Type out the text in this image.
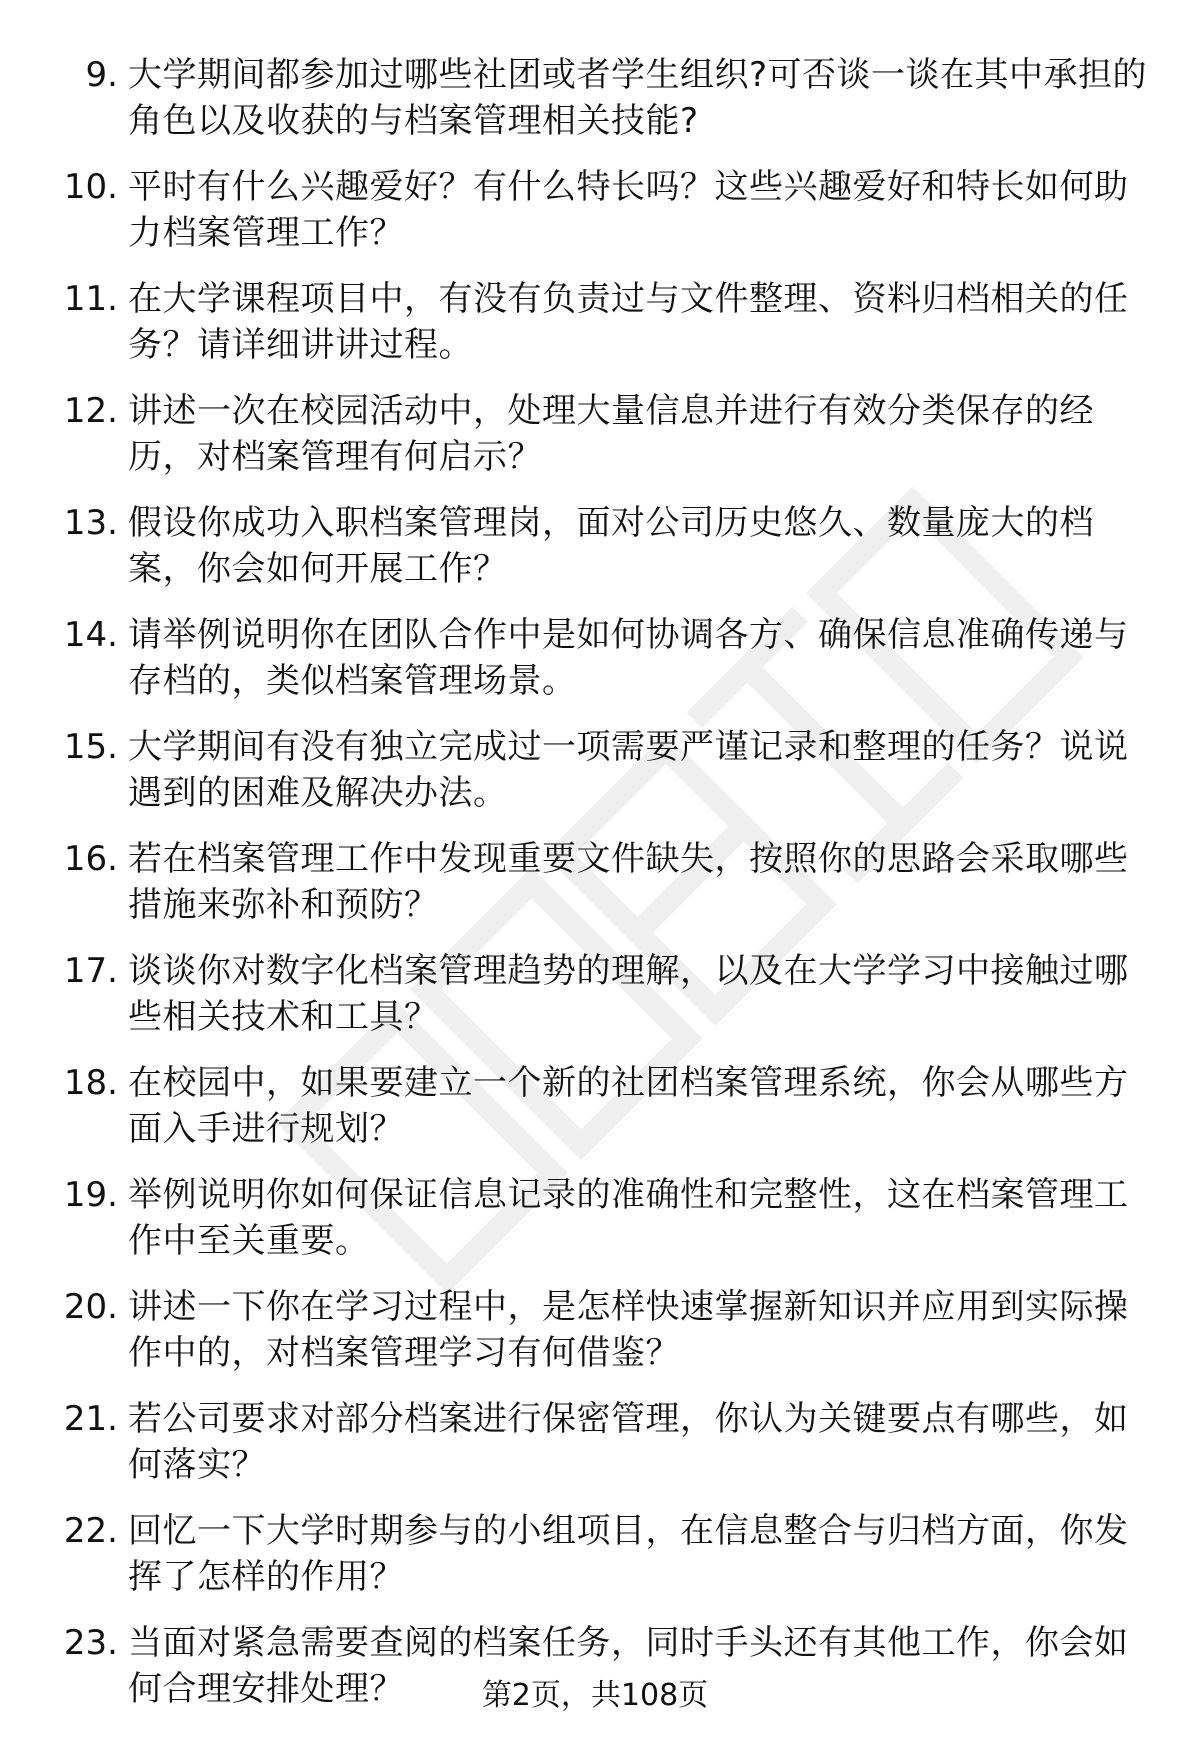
9. 大学期间都参加过哪些社团或者学生组织?可否谈一谈在其中承担的角色以及收获的与档案管理相关技能?
10. 平时有什么兴趣爱好？有什么特长吗？这些兴趣爱好和特长如何助力档案管理工作？
11. 在大学课程项目中，有没有负责过与文件整理、资料归档相关的任务？请详细讲讲过程。
12. 讲述一次在校园活动中，处理大量信息并进行有效分类保存的经历，对档案管理有何启示？
13. 假设你成功入职档案管理岗，面对公司历史悠久、数量庞大的档案，你会如何开展工作？
14. 请举例说明你在团队合作中是如何协调各方、确保信息准确传递与存档的，类似档案管理场景。
15. 大学期间有没有独立完成过一项需要严谨记录和整理的任务？说说遇到的困难及解决办法。
16. 若在档案管理工作中发现重要文件缺失，按照你的思路会采取哪些措施来弥补和预防？
17. 谈谈你对数字化档案管理趋势的理解，以及在大学学习中接触过哪些相关技术和工具？
18. 在校园中，如果要建立一个新的社团档案管理系统，你会从哪些方面入手进行规划？
19. 举例说明你如何保证信息记录的准确性和完整性，这在档案管理工作中至关重要。
20. 讲述一下你在学习过程中，是怎样快速掌握新知识并应用到实际操作中的，对档案管理学习有何借鉴？
21. 若公司要求对部分档案进行保密管理，你认为关键要点有哪些，如何落实？
22. 回忆一下大学时期参与的小组项目，在信息整合与归档方面，你发挥了怎样的作用？
23. 当面对紧急需要查阅的档案任务，同时手头还有其他工作，你会如何合理安排处理？	第2页，共108页
